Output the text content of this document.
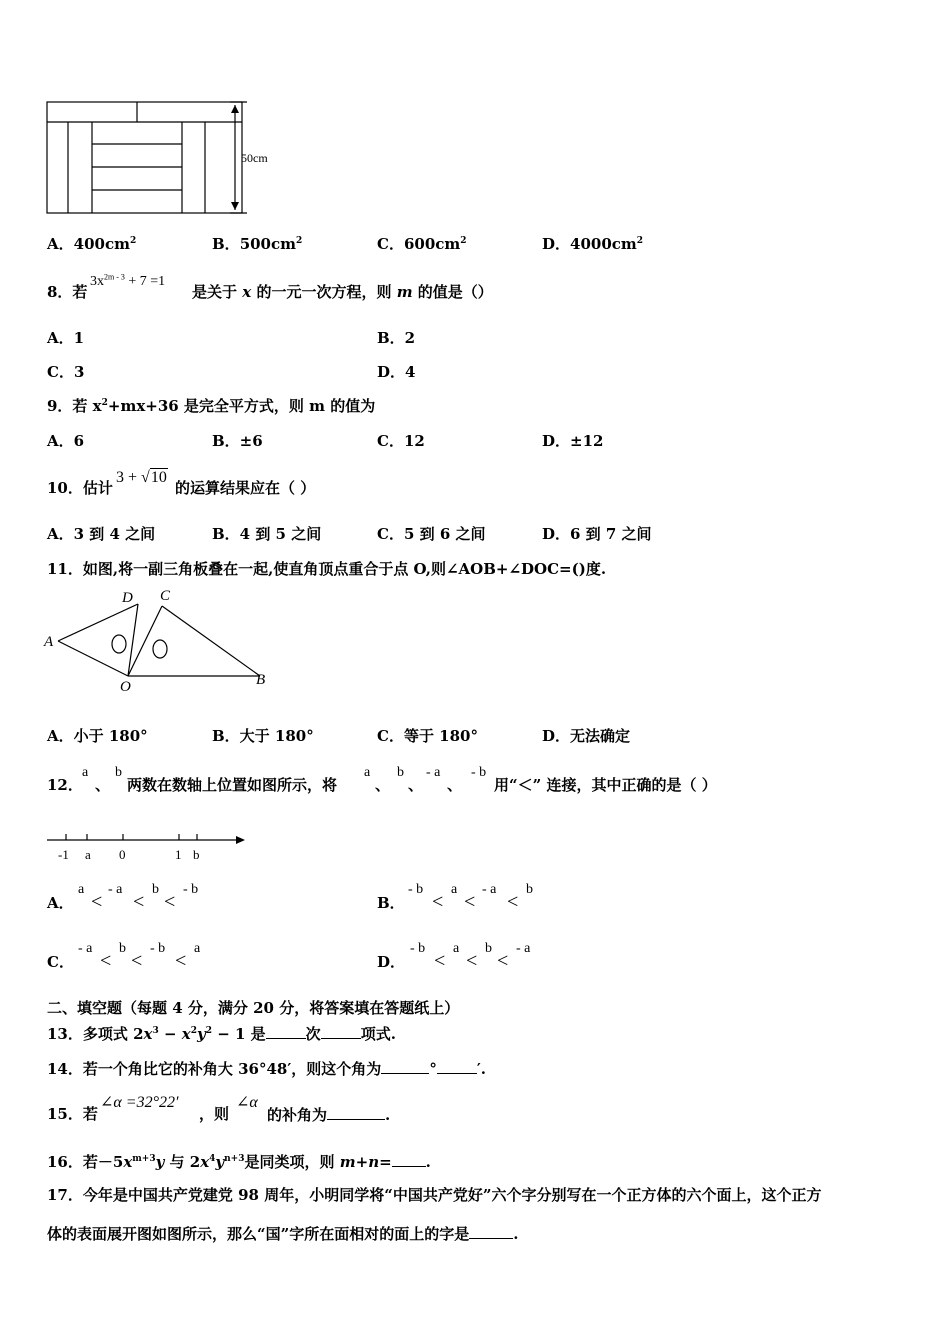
50cm
A．$400cm^2$	B．$500cm^2$	C．$600cm^2$	D．$4000cm^2$
8．若
$3x^{2m - 3} + 7 =1$
是关于 x 的一元一次方程，则 m 的值是（）
A．1	B．2
C．3	D．4
9．若 $x^2+mx+36$ 是完全平方式，则 m 的值为
A．6	B．±6	C．12	D．±12
10．估计
3 + √10
的运算结果应在（ ）
A．3 到 4 之间	B．4 到 5 之间	C．5 到 6 之间	D．6 到 7 之间
11．如图,将一副三角板叠在一起,使直角顶点重合于点 O,则∠AOB+∠DOC=()度.
A
D C
O	B
A．小于 180°	B．大于 180°	C．等于 180°	D．无法确定
12．
a
、
b
两数在数轴上位置如图所示，将
a
、
b
、
- a
、
- b
用“＜” 连接，其中正确的是（ ）
-1 a 0	1 b
A．
a
<
- a
<
b
<
- b
B．
- b
<
a
<
- a
<
b
C．
- a
<
b
<
- b
<
a
D．
- b
<
a
<
b
<
- a
二、填空题（每题 4 分，满分 20 分，将答案填在答题纸上）
13．多项式 $2x^3 - x^2y^2 - 1$ 是	次	项式.
14．若一个角比它的补角大 36°48′，则这个角为	°	′.
15．若
∠α =32°22′
，则
∠α
的补角为	.
16．若$-5x^{m+3}y$ 与 $2x^4y^{n+3}$是同类项，则 m+n= .
17．今年是中国共产党建党 98 周年，小明同学将“中国共产党好”六个字分别写在一个正方体的六个面上，这个正方
体的表面展开图如图所示，那么“国”字所在面相对的面上的字是	.
